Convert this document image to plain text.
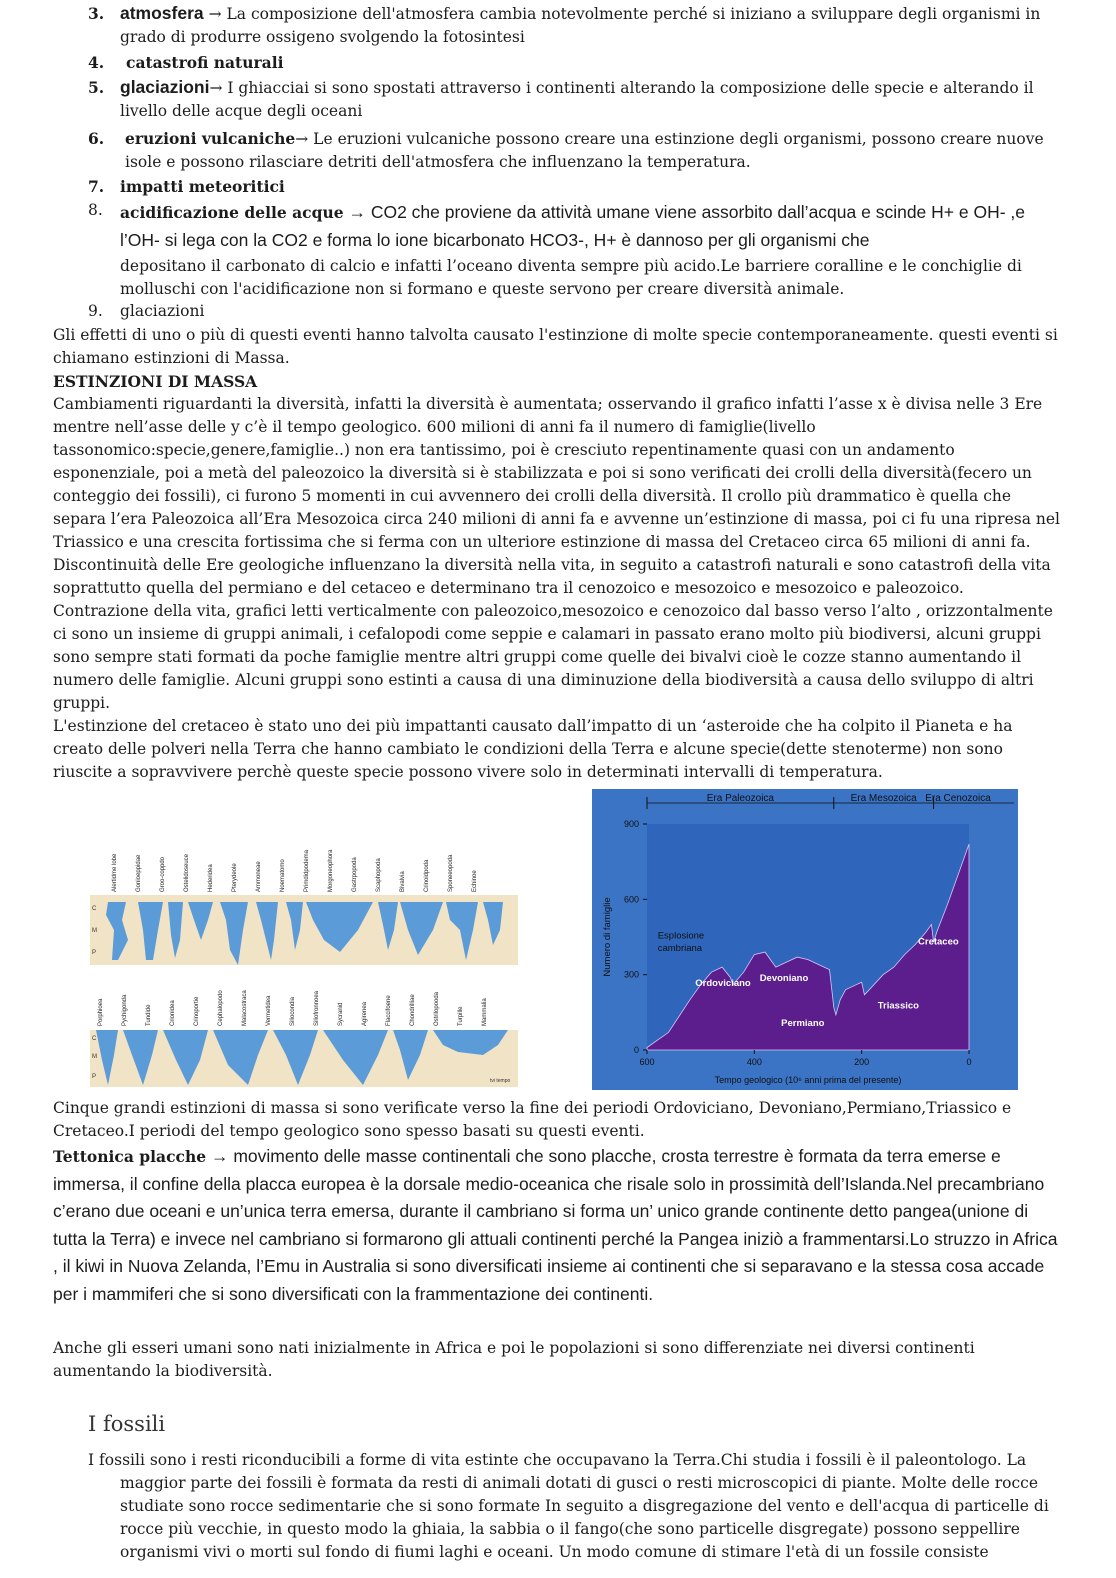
3. atmosfera → La composizione dell'atmosfera cambia notevolmente perché si iniziano a sviluppare degli organismi in grado di produrre ossigeno svolgendo la fotosintesi
4.	catastrofi naturali
5. glaciazioni→ I ghiacciai si sono spostati attraverso i continenti alterando la composizione delle specie e alterando il livello delle acque degli oceani
6.	eruzioni vulcaniche→ Le eruzioni vulcaniche possono creare una estinzione degli organismi, possono creare nuove isole e possono rilasciare detriti dell'atmosfera che influenzano la temperatura.
7.	impatti meteoritici
8.	acidificazione delle acque → CO2 che proviene da attività umane viene assorbito dall’acqua e scinde H+ e OH- ,e l’OH- si lega con la CO2 e forma lo ione bicarbonato HCO3-, H+ è dannoso per gli organismi che
depositano il carbonato di calcio e infatti l’oceano diventa sempre più acido.Le barriere coralline e le conchiglie di molluschi con l'acidificazione non si formano e queste servono per creare diversità animale.
9.	glaciazioni
Gli effetti di uno o più di questi eventi hanno talvolta causato l'estinzione di molte specie contemporaneamente. questi eventi si chiamano estinzioni di Massa.
ESTINZIONI DI MASSA
Cambiamenti riguardanti la diversità, infatti la diversità è aumentata; osservando il grafico infatti l’asse x è divisa nelle 3 Ere mentre nell’asse delle y c’è il tempo geologico. 600 milioni di anni fa il numero di famiglie(livello tassonomico:specie,genere,famiglie..) non era tantissimo, poi è cresciuto repentinamente quasi con un andamento esponenziale, poi a metà del paleozoico la diversità si è stabilizzata e poi si sono verificati dei crolli della diversità(fecero un conteggio dei fossili), ci furono 5 momenti in cui avvennero dei crolli della diversità. Il crollo più drammatico è quella che separa l’era Paleozoica all’Era Mesozoica circa 240 milioni di anni fa e avvenne un’estinzione di massa, poi ci fu una ripresa nel Triassico e una crescita fortissima che si ferma con un ulteriore estinzione di massa del Cretaceo circa 65 milioni di anni fa.
Discontinuità delle Ere geologiche influenzano la diversità nella vita, in seguito a catastrofi naturali e sono catastrofi della vita soprattutto quella del permiano e del cetaceo e determinano tra il cenozoico e mesozoico e mesozoico e paleozoico.
Contrazione della vita, grafici letti verticalmente con paleozoico,mesozoico e cenozoico dal basso verso l’alto , orizzontalmente ci sono un insieme di gruppi animali, i cefalopodi come seppie e calamari in passato erano molto più biodiversi, alcuni gruppi sono sempre stati formati da poche famiglie mentre altri gruppi come quelle dei bivalvi cioè le cozze stanno aumentando il numero delle famiglie. Alcuni gruppi sono estinti a causa di una diminuzione della biodiversità a causa dello sviluppo di altri gruppi.
L'estinzione del cretaceo è stato uno dei più impattanti causato dall’impatto di un ‘asteroide che ha colpito il Pianeta e ha creato delle polveri nella Terra che hanno cambiato le condizioni della Terra e alcune specie(dette stenoterme) non sono riuscite a sopravvivere perchè queste specie possono vivere solo in determinati intervalli di temperatura.
C
M
P
C
M
P
Alertidme lobe	Gonioeppidae	Groo-coppdo	Ostelidoseuce	Hederidea	Pterydeole	Ammoneae	Noematomo	Primdidpodema	Morgoneophora	Gastrpopoda	Scaphopoda	Bivalvia	Crinoidpoda	Sponeeopoda	Echinoe
Porphioea	Pychigonda	Tundide	Crionidea	Crinoportie	Cephalopodo	Malacostraca	Vermetidea	Siliocondia	Siliofronnoea	Sycranid	Agirenea	Flaccifoene	Chondrilliae	Ostrilopooda	Turpille	Mammalia
tvi tempo
Era Paleozoica	Era Mesozoica Era Cenozoica
0
300
600
900
600	400	200	0
Numero di famiglie
Tempo geologico (10⁶ anni prima del presente)
Esplosione
cambriana
Ordoviciano Devoniano
Permiano
Triassico
Cretaceo
Cinque grandi estinzioni di massa si sono verificate verso la fine dei periodi Ordoviciano, Devoniano,Permiano,Triassico e Cretaceo.I periodi del tempo geologico sono spesso basati su questi eventi.
Tettonica placche → movimento delle masse continentali che sono placche, crosta terrestre è formata da terra emerse e immersa, il confine della placca europea è la dorsale medio-oceanica che risale solo in prossimità dell’Islanda.Nel precambriano c’erano due oceani e un’unica terra emersa, durante il cambriano si forma un’ unico grande continente detto pangea(unione di tutta la Terra) e invece nel cambriano si formarono gli attuali continenti perché la Pangea iniziò a frammentarsi.Lo struzzo in Africa , il kiwi in Nuova Zelanda, l’Emu in Australia si sono diversificati insieme ai continenti che si separavano e la stessa cosa accade per i mammiferi che si sono diversificati con la frammentazione dei continenti.
Anche gli esseri umani sono nati inizialmente in Africa e poi le popolazioni si sono differenziate nei diversi continenti aumentando la biodiversità.
I fossili
I fossili sono i resti riconducibili a forme di vita estinte che occupavano la Terra.Chi studia i fossili è il paleontologo. La maggior parte dei fossili è formata da resti di animali dotati di gusci o resti microscopici di piante. Molte delle rocce studiate sono rocce sedimentarie che si sono formate In seguito a disgregazione del vento e dell'acqua di particelle di rocce più vecchie, in questo modo la ghiaia, la sabbia o il fango(che sono particelle disgregate) possono seppellire organismi vivi o morti sul fondo di fiumi laghi e oceani. Un modo comune di stimare l'età di un fossile consiste
